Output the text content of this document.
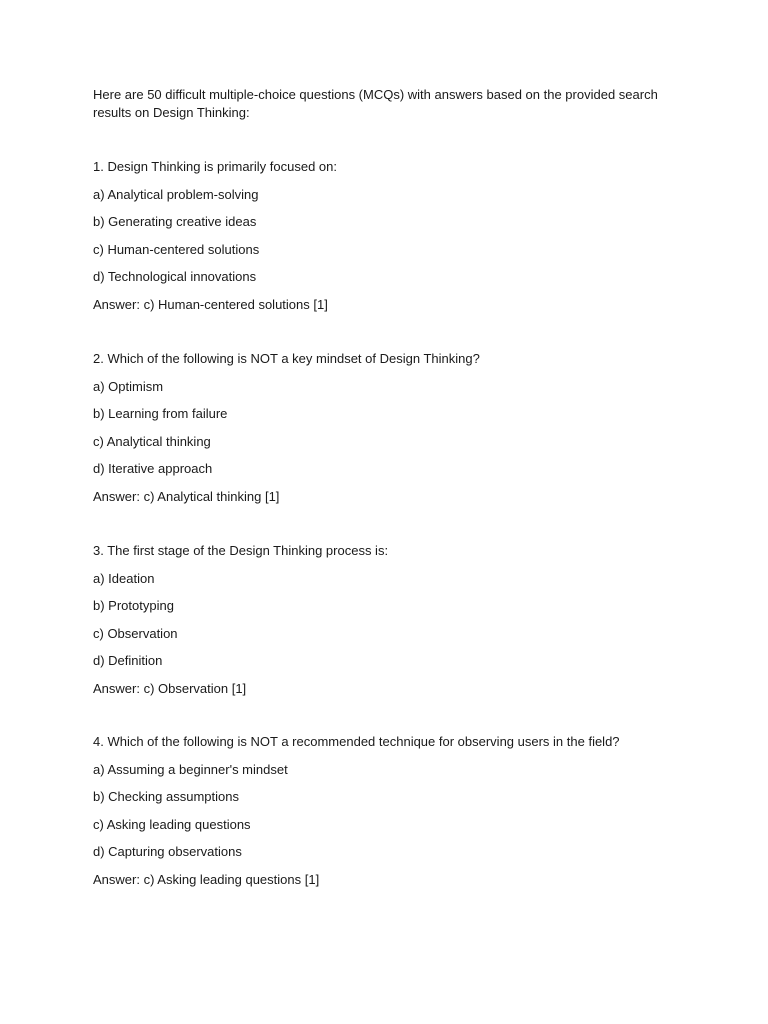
Here are 50 difficult multiple-choice questions (MCQs) with answers based on the provided search results on Design Thinking:

1. Design Thinking is primarily focused on:

a) Analytical problem-solving

b) Generating creative ideas

c) Human-centered solutions

d) Technological innovations

Answer: c) Human-centered solutions [1]

2. Which of the following is NOT a key mindset of Design Thinking?

a) Optimism

b) Learning from failure

c) Analytical thinking

d) Iterative approach

Answer: c) Analytical thinking [1]

3. The first stage of the Design Thinking process is:

a) Ideation

b) Prototyping

c) Observation

d) Definition

Answer: c) Observation [1]

4. Which of the following is NOT a recommended technique for observing users in the field?

a) Assuming a beginner's mindset

b) Checking assumptions

c) Asking leading questions

d) Capturing observations

Answer: c) Asking leading questions [1]
